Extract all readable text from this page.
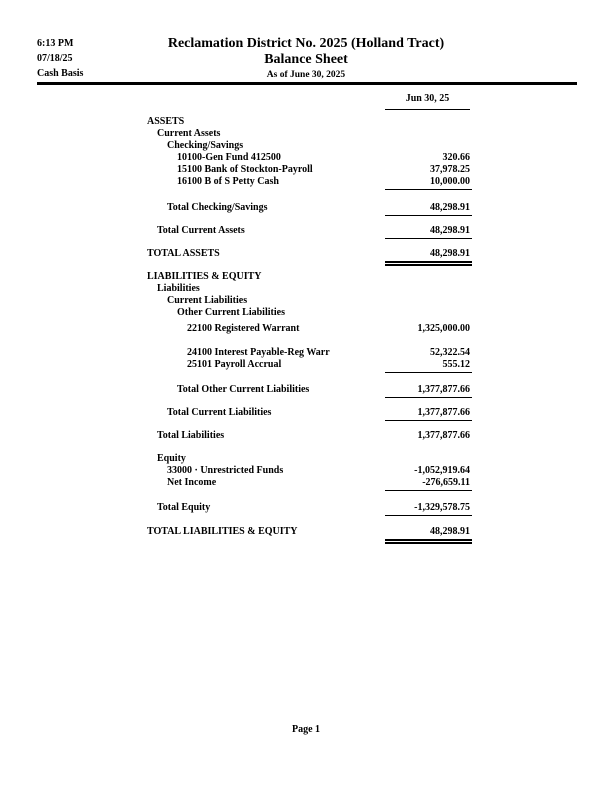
6:13 PM
07/18/25
Cash Basis
Reclamation District No. 2025 (Holland Tract)
Balance Sheet
As of June 30, 2025
Jun 30, 25
ASSETS
Current Assets
Checking/Savings
10100-Gen Fund 412500	320.66
15100 Bank of Stockton-Payroll	37,978.25
16100 B of S Petty Cash	10,000.00
Total Checking/Savings	48,298.91
Total Current Assets	48,298.91
TOTAL ASSETS	48,298.91
LIABILITIES & EQUITY
Liabilities
Current Liabilities
Other Current Liabilities
22100 Registered Warrant	1,325,000.00
24100 Interest Payable-Reg Warr	52,322.54
25101 Payroll Accrual	555.12
Total Other Current Liabilities	1,377,877.66
Total Current Liabilities	1,377,877.66
Total Liabilities	1,377,877.66
Equity
33000 · Unrestricted Funds	-1,052,919.64
Net Income	-276,659.11
Total Equity	-1,329,578.75
TOTAL LIABILITIES & EQUITY	48,298.91
Page 1
